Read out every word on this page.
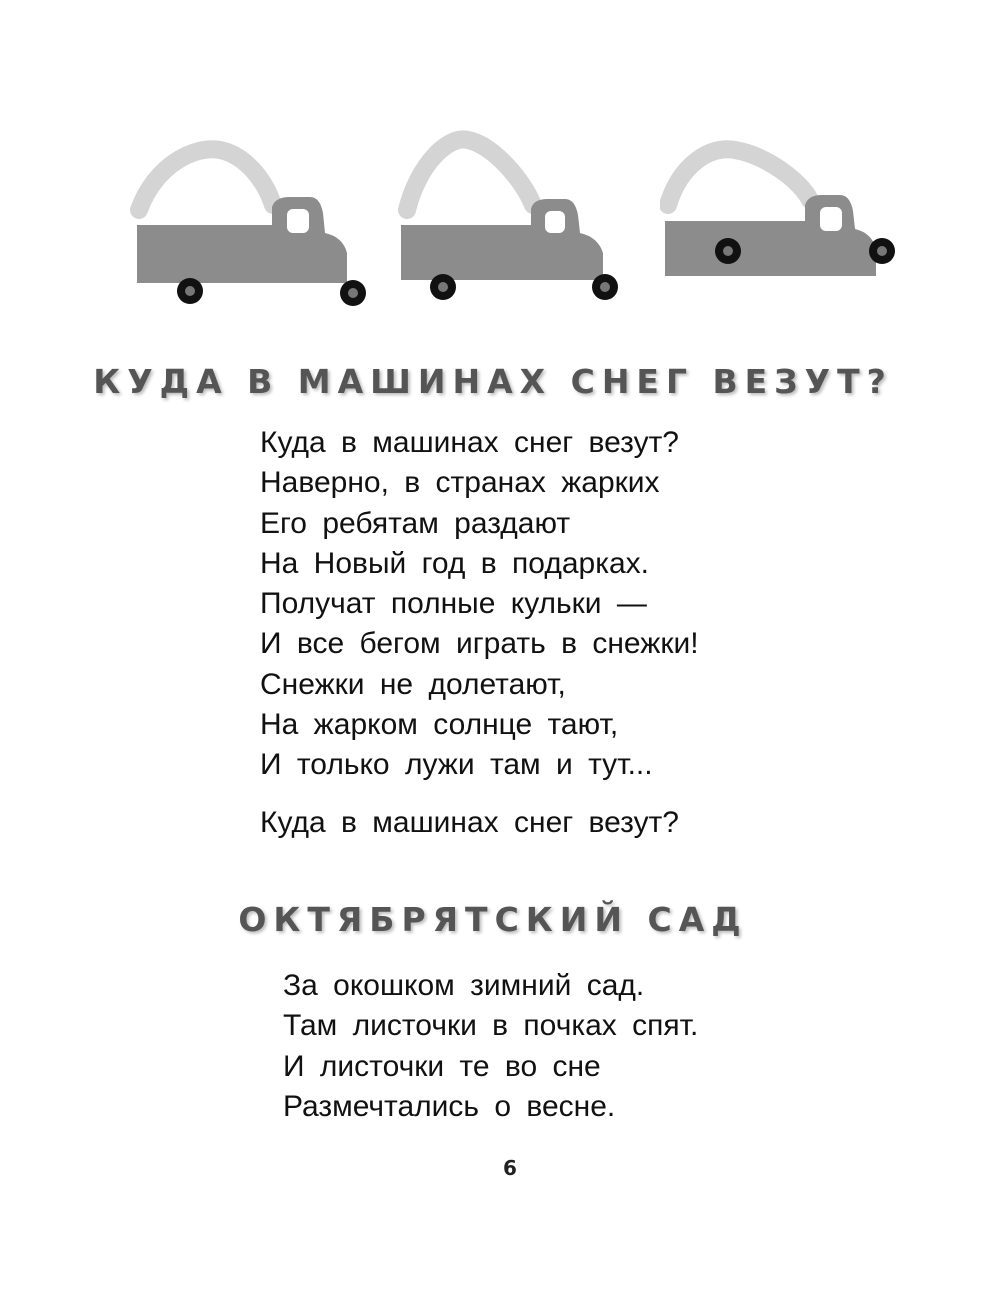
КУДА В МАШИНАХ СНЕГ ВЕЗУТ?
Куда в машинах снег везут?
Наверно, в странах жарких
Его ребятам раздают
На Новый год в подарках.
Получат полные кульки —
И все бегом играть в снежки!
Снежки не долетают,
На жарком солнце тают,
И только лужи там и тут...
Куда в машинах снег везут?
ОКТЯБРЯТСКИЙ САД
За окошком зимний сад.
Там листочки в почках спят.
И листочки те во сне
Размечтались о весне.
6
